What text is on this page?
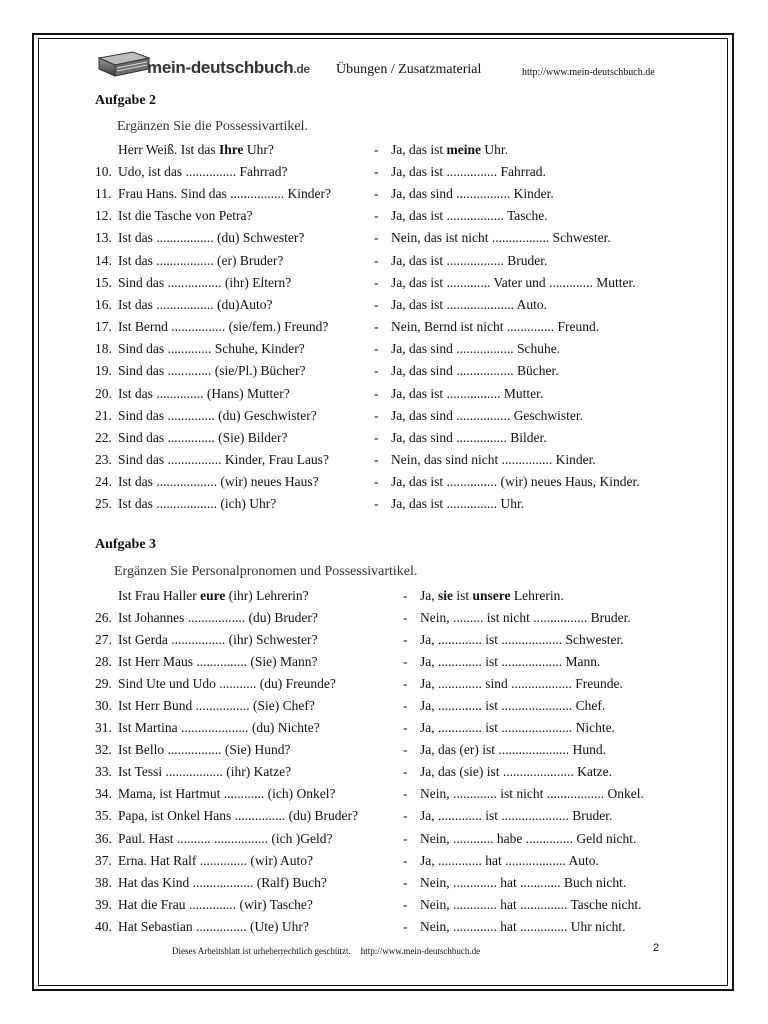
mein-deutschbuch.de Übungen / Zusatzmaterial	http://www.mein-deutschbuch.de
Aufgabe 2
Ergänzen Sie die Possessivartikel.
Herr Weiß. Ist das Ihre Uhr?	- Ja, das ist meine Uhr.
10. Udo, ist das ............... Fahrrad?	- Ja, das ist ............... Fahrrad.
11. Frau Hans. Sind das ................ Kinder?	- Ja, das sind ................ Kinder.
12. Ist die Tasche von Petra?	- Ja, das ist ................. Tasche.
13. Ist das ................. (du) Schwester?	- Nein, das ist nicht ................. Schwester.
14. Ist das ................. (er) Bruder?	- Ja, das ist ................. Bruder.
15. Sind das ................ (ihr) Eltern?	- Ja, das ist ............. Vater und ............. Mutter.
16. Ist das ................. (du)Auto?	- Ja, das ist .................... Auto.
17. Ist Bernd ................ (sie/fem.) Freund?	- Nein, Bernd ist nicht .............. Freund.
18. Sind das ............. Schuhe, Kinder?	- Ja, das sind ................. Schuhe.
19. Sind das ............. (sie/Pl.) Bücher?	- Ja, das sind ................. Bücher.
20. Ist das .............. (Hans) Mutter?	- Ja, das ist ................ Mutter.
21. Sind das .............. (du) Geschwister?	- Ja, das sind ................ Geschwister.
22. Sind das .............. (Sie) Bilder?	- Ja, das sind ............... Bilder.
23. Sind das ................ Kinder, Frau Laus?	- Nein, das sind nicht ............... Kinder.
24. Ist das .................. (wir) neues Haus?	- Ja, das ist ............... (wir) neues Haus, Kinder.
25. Ist das .................. (ich) Uhr?	- Ja, das ist ............... Uhr.
Aufgabe 3
Ergänzen Sie Personalpronomen und Possessivartikel.
Ist Frau Haller eure (ihr) Lehrerin?	- Ja, sie ist unsere Lehrerin.
26. Ist Johannes ................. (du) Bruder?	- Nein, ......... ist nicht ................ Bruder.
27. Ist Gerda ................ (ihr) Schwester?	- Ja, ............. ist .................. Schwester.
28. Ist Herr Maus ............... (Sie) Mann?	- Ja, ............. ist .................. Mann.
29. Sind Ute und Udo ........... (du) Freunde?	- Ja, ............. sind .................. Freunde.
30. Ist Herr Bund ................ (Sie) Chef?	- Ja, ............. ist ..................... Chef.
31. Ist Martina .................... (du) Nichte?	- Ja, ............. ist ..................... Nichte.
32. Ist Bello ................ (Sie) Hund?	- Ja, das (er) ist ..................... Hund.
33. Ist Tessi ................. (ihr) Katze?	- Ja, das (sie) ist ..................... Katze.
34. Mama, ist Hartmut ............ (ich) Onkel?	- Nein, ............. ist nicht ................. Onkel.
35. Papa, ist Onkel Hans ............... (du) Bruder?	- Ja, ............. ist .................... Bruder.
36. Paul. Hast .......... ................ (ich )Geld?	- Nein, ............ habe .............. Geld nicht.
37. Erna. Hat Ralf .............. (wir) Auto?	- Ja, ............. hat .................. Auto.
38. Hat das Kind .................. (Ralf) Buch?	- Nein, ............. hat ............ Buch nicht.
39. Hat die Frau .............. (wir) Tasche?	- Nein, ............. hat .............. Tasche nicht.
40. Hat Sebastian ............... (Ute) Uhr?	- Nein, ............. hat .............. Uhr nicht.
Dieses Arbeitsblatt ist urheberrechtlich geschützt. http://www.mein-deutschbuch.de	2
